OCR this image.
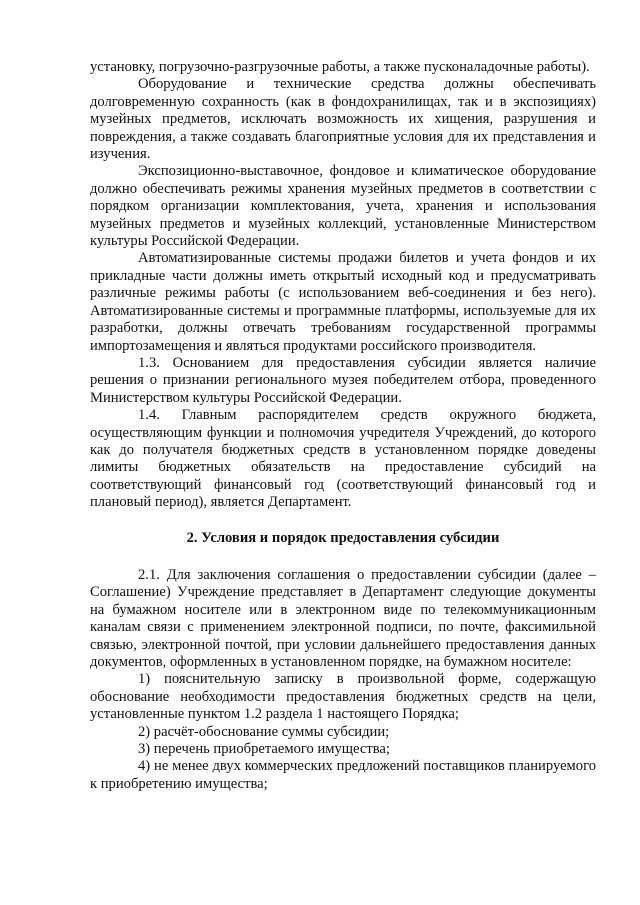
установку, погрузочно-разгрузочные работы, а также пусконаладочные работы).

Оборудование и технические средства должны обеспечивать долговременную сохранность (как в фондохранилищах, так и в экспозициях) музейных предметов, исключать возможность их хищения, разрушения и повреждения, а также создавать благоприятные условия для их представления и изучения.

Экспозиционно-выставочное, фондовое и климатическое оборудование должно обеспечивать режимы хранения музейных предметов в соответствии с порядком организации комплектования, учета, хранения и использования музейных предметов и музейных коллекций, установленные Министерством культуры Российской Федерации.

Автоматизированные системы продажи билетов и учета фондов и их прикладные части должны иметь открытый исходный код и предусматривать различные режимы работы (с использованием веб-соединения и без него). Автоматизированные системы и программные платформы, используемые для их разработки, должны отвечать требованиям государственной программы импортозамещения и являться продуктами российского производителя.

1.3. Основанием для предоставления субсидии является наличие решения о признании регионального музея победителем отбора, проведенного Министерством культуры Российской Федерации.

1.4. Главным распорядителем средств окружного бюджета, осуществляющим функции и полномочия учредителя Учреждений, до которого как до получателя бюджетных средств в установленном порядке доведены лимиты бюджетных обязательств на предоставление субсидий на соответствующий финансовый год (соответствующий финансовый год и плановый период), является Департамент.

2. Условия и порядок предоставления субсидии

2.1. Для заключения соглашения о предоставлении субсидии (далее – Соглашение) Учреждение представляет в Департамент следующие документы на бумажном носителе или в электронном виде по телекоммуникационным каналам связи с применением электронной подписи, по почте, факсимильной связью, электронной почтой, при условии дальнейшего предоставления данных документов, оформленных в установленном порядке, на бумажном носителе:

1) пояснительную записку в произвольной форме, содержащую обоснование необходимости предоставления бюджетных средств на цели, установленные пунктом 1.2 раздела 1 настоящего Порядка;

2) расчёт-обоснование суммы субсидии;

3) перечень приобретаемого имущества;

4) не менее двух коммерческих предложений поставщиков планируемого к приобретению имущества;
